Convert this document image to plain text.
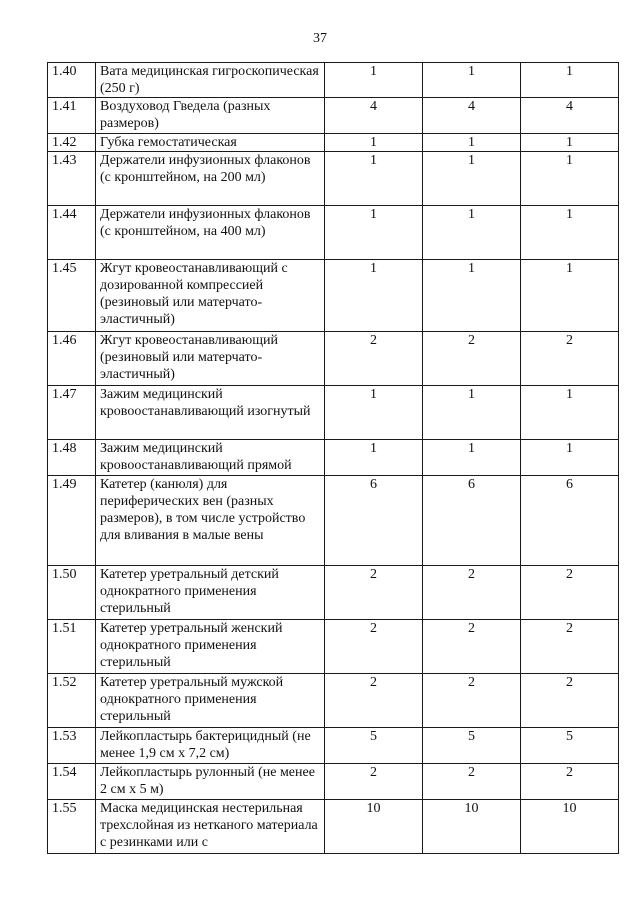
37
1.40	Вата медицинская гигроскопическая (250 г)	1	1	1

1.41	Воздуховод Гведела (разных размеров)	4	4	4

1.42	Губка гемостатическая	1	1	1

1.43	Держатели инфузионных флаконов (с кронштейном, на 200 мл)	1	1	1

1.44	Держатели инфузионных флаконов (с кронштейном, на 400 мл)	1	1	1

1.45	Жгут кровеостанавливающий с дозированной компрессией (резиновый или матерчато-эластичный)	1	1	1

1.46	Жгут кровеостанавливающий (резиновый или матерчато-эластичный)	2	2	2

1.47	Зажим медицинский кровоостанавливающий изогнутый	1	1	1

1.48	Зажим медицинский кровоостанавливающий прямой	1	1	1

1.49	Катетер (канюля) для периферических вен (разных размеров), в том числе устройство для вливания в малые вены	6	6	6

1.50	Катетер уретральный детский однократного применения стерильный	2	2	2

1.51	Катетер уретральный женский однократного применения стерильный	2	2	2

1.52	Катетер уретральный мужской однократного применения стерильный	2	2	2

1.53	Лейкопластырь бактерицидный (не менее 1,9 см х 7,2 см)	5	5	5

1.54	Лейкопластырь рулонный (не менее 2 см х 5 м)	2	2	2

1.55	Маска медицинская нестерильная трехслойная из нетканого материала с резинками или с	10	10	10
